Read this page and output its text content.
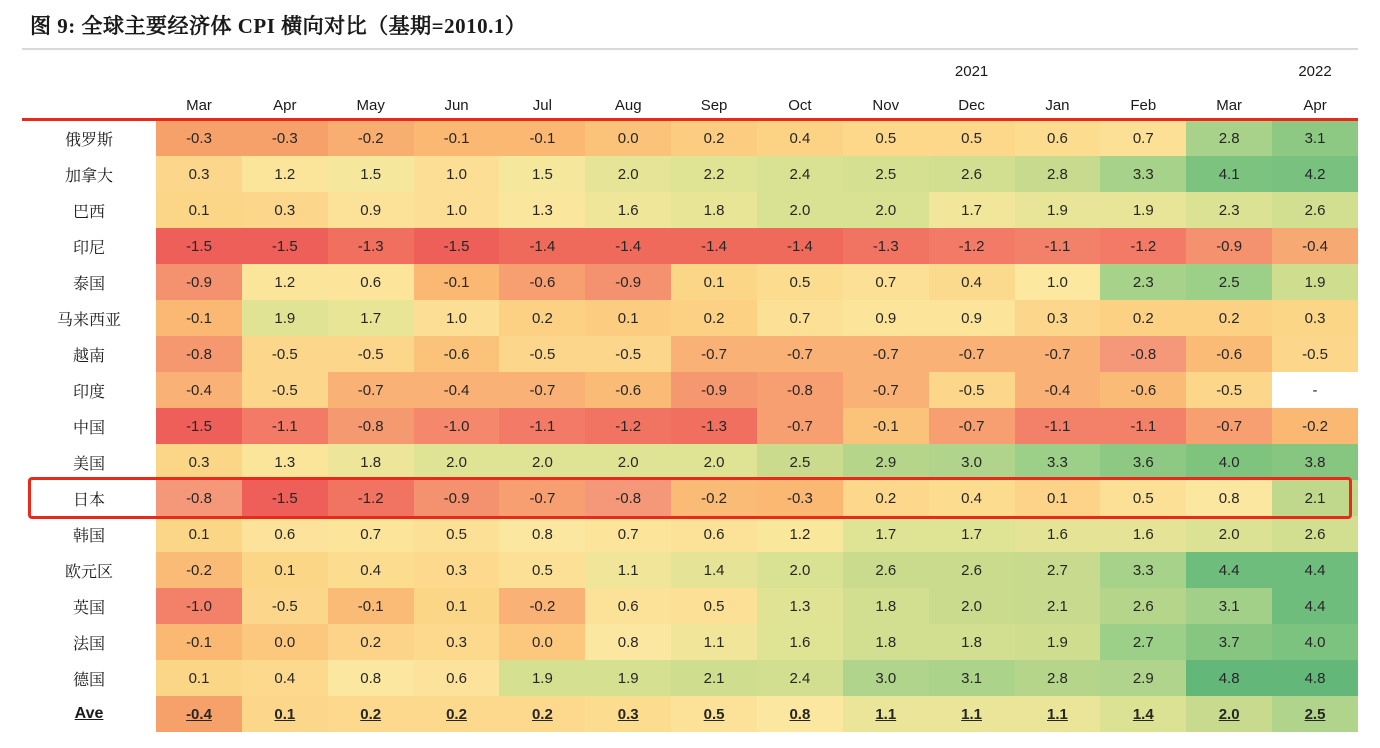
图 9: 全球主要经济体 CPI 横向对比（基期=2010.1）
										2021				2022
	Mar	Apr	May	Jun	Jul	Aug	Sep	Oct	Nov	Dec	Jan	Feb	Mar	Apr
俄罗斯	-0.3	-0.3	-0.2	-0.1	-0.1	0.0	0.2	0.4	0.5	0.5	0.6	0.7	2.8	3.1
加拿大	0.3	1.2	1.5	1.0	1.5	2.0	2.2	2.4	2.5	2.6	2.8	3.3	4.1	4.2
巴西	0.1	0.3	0.9	1.0	1.3	1.6	1.8	2.0	2.0	1.7	1.9	1.9	2.3	2.6
印尼	-1.5	-1.5	-1.3	-1.5	-1.4	-1.4	-1.4	-1.4	-1.3	-1.2	-1.1	-1.2	-0.9	-0.4
泰国	-0.9	1.2	0.6	-0.1	-0.6	-0.9	0.1	0.5	0.7	0.4	1.0	2.3	2.5	1.9
马来西亚	-0.1	1.9	1.7	1.0	0.2	0.1	0.2	0.7	0.9	0.9	0.3	0.2	0.2	0.3
越南	-0.8	-0.5	-0.5	-0.6	-0.5	-0.5	-0.7	-0.7	-0.7	-0.7	-0.7	-0.8	-0.6	-0.5
印度	-0.4	-0.5	-0.7	-0.4	-0.7	-0.6	-0.9	-0.8	-0.7	-0.5	-0.4	-0.6	-0.5	-
中国	-1.5	-1.1	-0.8	-1.0	-1.1	-1.2	-1.3	-0.7	-0.1	-0.7	-1.1	-1.1	-0.7	-0.2
美国	0.3	1.3	1.8	2.0	2.0	2.0	2.0	2.5	2.9	3.0	3.3	3.6	4.0	3.8
日本	-0.8	-1.5	-1.2	-0.9	-0.7	-0.8	-0.2	-0.3	0.2	0.4	0.1	0.5	0.8	2.1
韩国	0.1	0.6	0.7	0.5	0.8	0.7	0.6	1.2	1.7	1.7	1.6	1.6	2.0	2.6
欧元区	-0.2	0.1	0.4	0.3	0.5	1.1	1.4	2.0	2.6	2.6	2.7	3.3	4.4	4.4
英国	-1.0	-0.5	-0.1	0.1	-0.2	0.6	0.5	1.3	1.8	2.0	2.1	2.6	3.1	4.4
法国	-0.1	0.0	0.2	0.3	0.0	0.8	1.1	1.6	1.8	1.8	1.9	2.7	3.7	4.0
德国	0.1	0.4	0.8	0.6	1.9	1.9	2.1	2.4	3.0	3.1	2.8	2.9	4.8	4.8
Ave	-0.4	0.1	0.2	0.2	0.2	0.3	0.5	0.8	1.1	1.1	1.1	1.4	2.0	2.5
